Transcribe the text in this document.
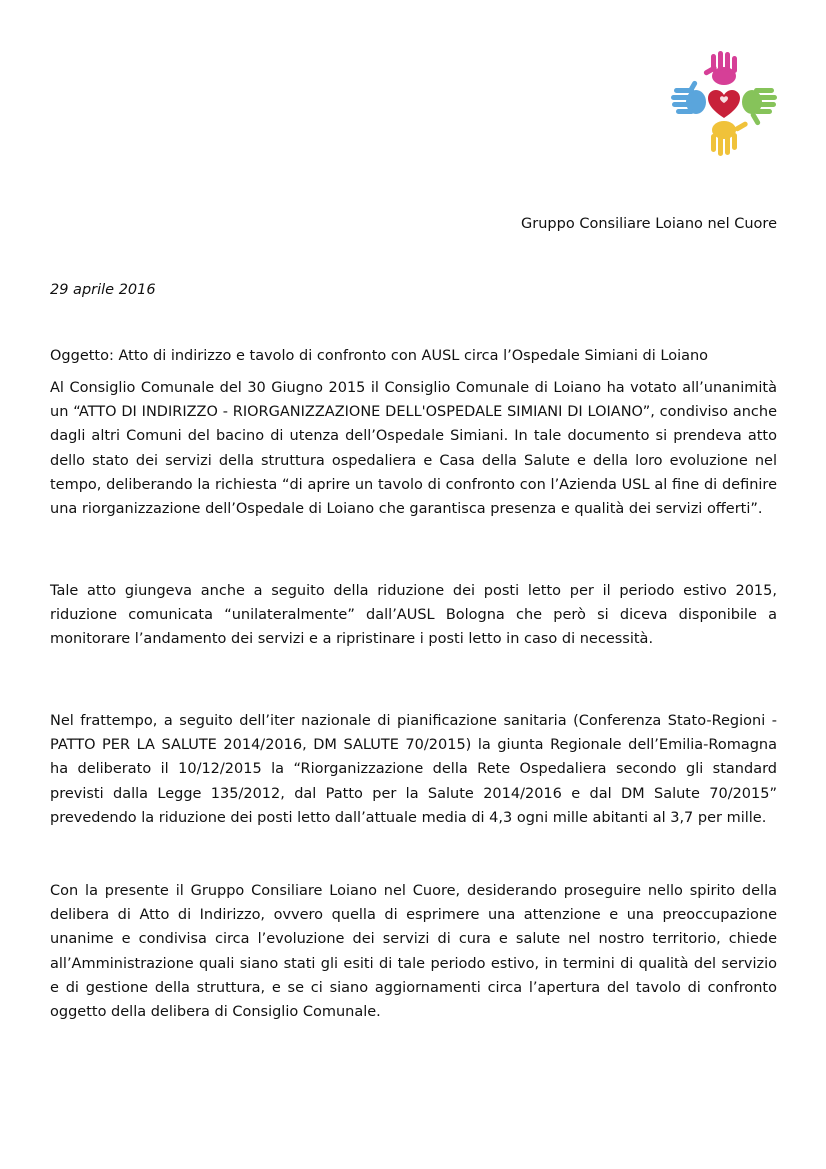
Gruppo Consiliare Loiano nel Cuore
29 aprile 2016
Oggetto: Atto di indirizzo e tavolo di confronto con AUSL circa l’Ospedale Simiani di Loiano

Al Consiglio Comunale del 30 Giugno 2015 il Consiglio Comunale di Loiano ha votato all’unanimità un “ATTO DI INDIRIZZO - RIORGANIZZAZIONE DELL'OSPEDALE SIMIANI DI LOIANO”, condiviso anche dagli altri Comuni del bacino di utenza dell’Ospedale Simiani. In tale documento si prendeva atto dello stato dei servizi della struttura ospedaliera e Casa della Salute e della loro evoluzione nel tempo, deliberando la richiesta “di aprire un tavolo di confronto con l’Azienda USL al fine di definire una riorganizzazione dell’Ospedale di Loiano che garantisca presenza e qualità dei servizi offerti”.

Tale atto giungeva anche a seguito della riduzione dei posti letto per il periodo estivo 2015, riduzione comunicata “unilateralmente” dall’AUSL Bologna che però si diceva disponibile a monitorare l’andamento dei servizi e a ripristinare i posti letto in caso di necessità.

Nel frattempo, a seguito dell’iter nazionale di pianificazione sanitaria (Conferenza Stato-Regioni - PATTO PER LA SALUTE 2014/2016, DM SALUTE 70/2015) la giunta Regionale dell’Emilia-Romagna ha deliberato il 10/12/2015 la “Riorganizzazione della Rete Ospedaliera secondo gli standard previsti dalla Legge 135/2012, dal Patto per la Salute 2014/2016 e dal DM Salute 70/2015” prevedendo la riduzione dei posti letto dall’attuale media di 4,3 ogni mille abitanti al 3,7 per mille.

Con la presente il Gruppo Consiliare Loiano nel Cuore, desiderando proseguire nello spirito della delibera di Atto di Indirizzo, ovvero quella di esprimere una attenzione e una preoccupazione unanime e condivisa circa l’evoluzione dei servizi di cura e salute nel nostro territorio, chiede all’Amministrazione quali siano stati gli esiti di tale periodo estivo, in termini di qualità del servizio e di gestione della struttura, e se ci siano aggiornamenti circa l’apertura del tavolo di confronto oggetto della delibera di Consiglio Comunale.
